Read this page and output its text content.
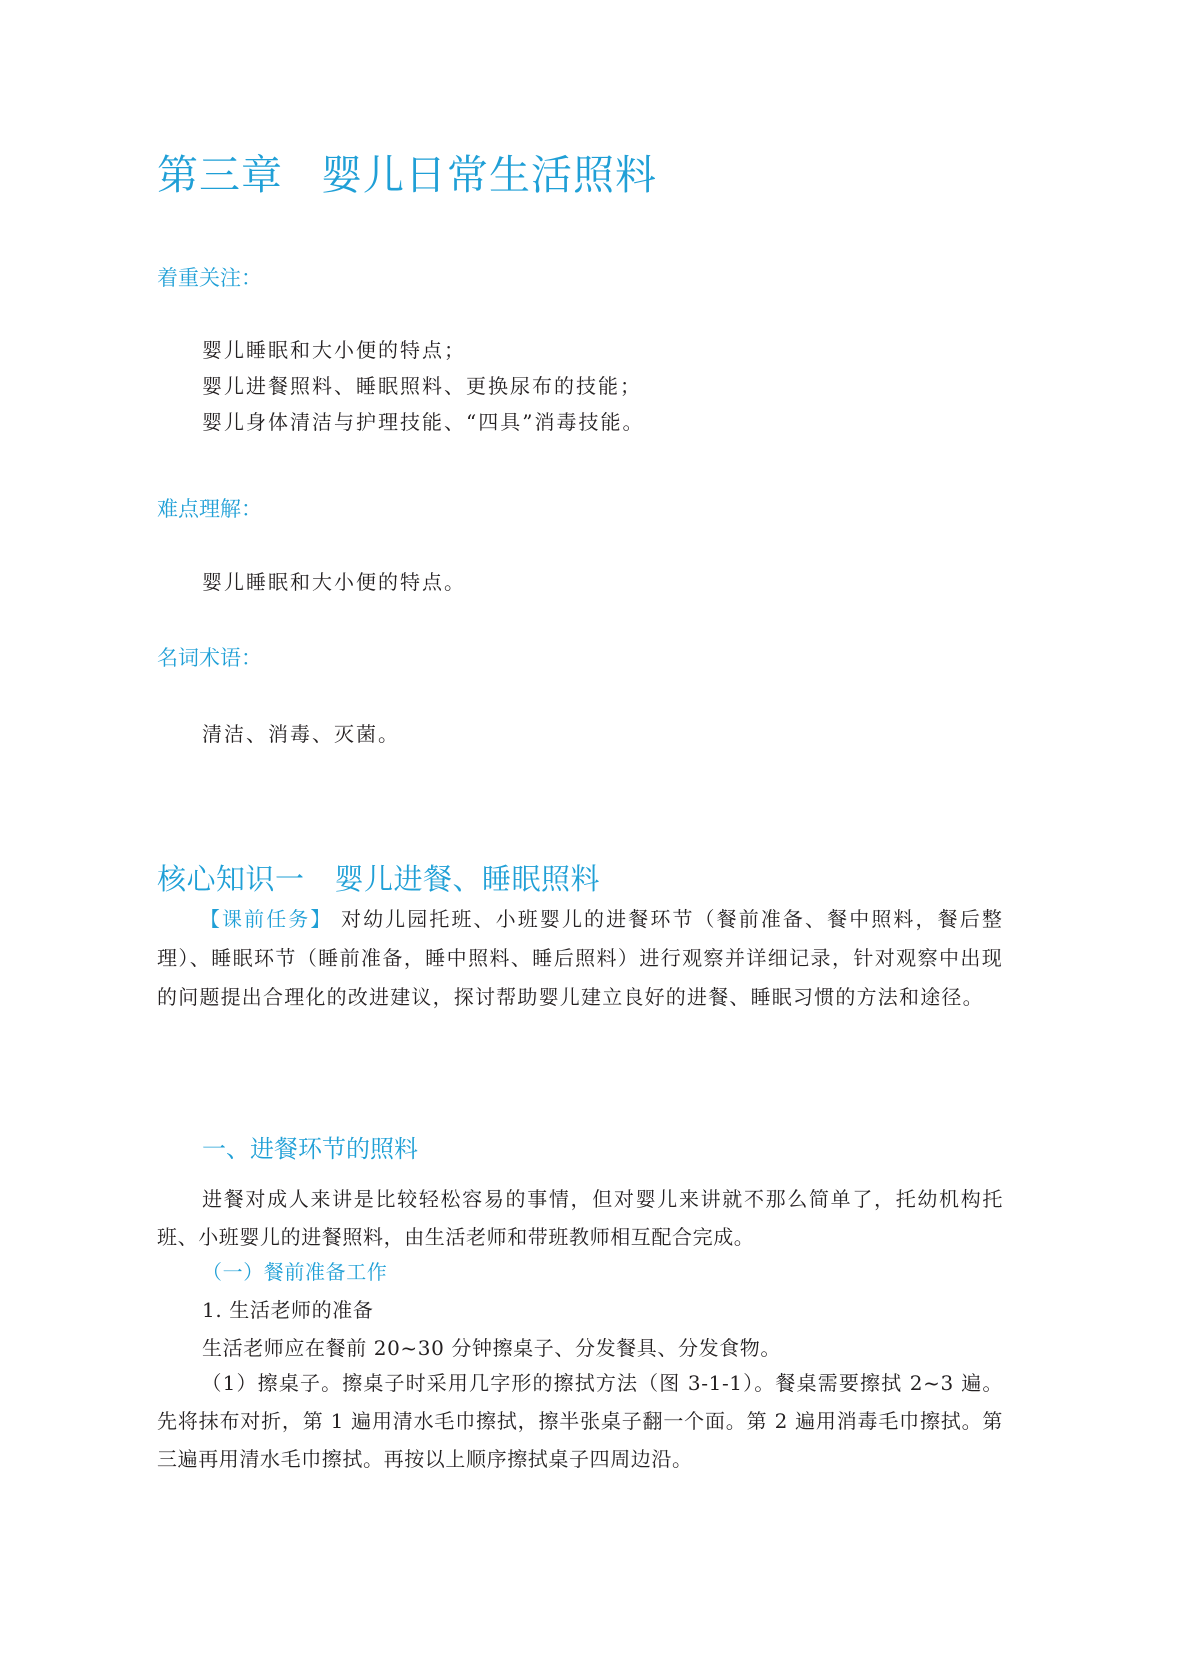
第三章 婴儿日常生活照料
着重关注：
婴儿睡眠和大小便的特点；
婴儿进餐照料、睡眠照料、更换尿布的技能；
婴儿身体清洁与护理技能、“四具”消毒技能。
难点理解：
婴儿睡眠和大小便的特点。
名词术语：
清洁、消毒、灭菌。
核心知识一 婴儿进餐、睡眠照料
【课前任务】 对幼儿园托班、小班婴儿的进餐环节（餐前准备、餐中照料，餐后整理）、睡眠环节（睡前准备，睡中照料、睡后照料）进行观察并详细记录，针对观察中出现的问题提出合理化的改进建议，探讨帮助婴儿建立良好的进餐、睡眠习惯的方法和途径。
一、进餐环节的照料
进餐对成人来讲是比较轻松容易的事情，但对婴儿来讲就不那么简单了，托幼机构托班、小班婴儿的进餐照料，由生活老师和带班教师相互配合完成。
（一）餐前准备工作
1. 生活老师的准备
生活老师应在餐前 20~30 分钟擦桌子、分发餐具、分发食物。
（1）擦桌子。擦桌子时采用几字形的擦拭方法（图 3-1-1）。餐桌需要擦拭 2~3 遍。先将抹布对折，第 1 遍用清水毛巾擦拭，擦半张桌子翻一个面。第 2 遍用消毒毛巾擦拭。第三遍再用清水毛巾擦拭。再按以上顺序擦拭桌子四周边沿。
